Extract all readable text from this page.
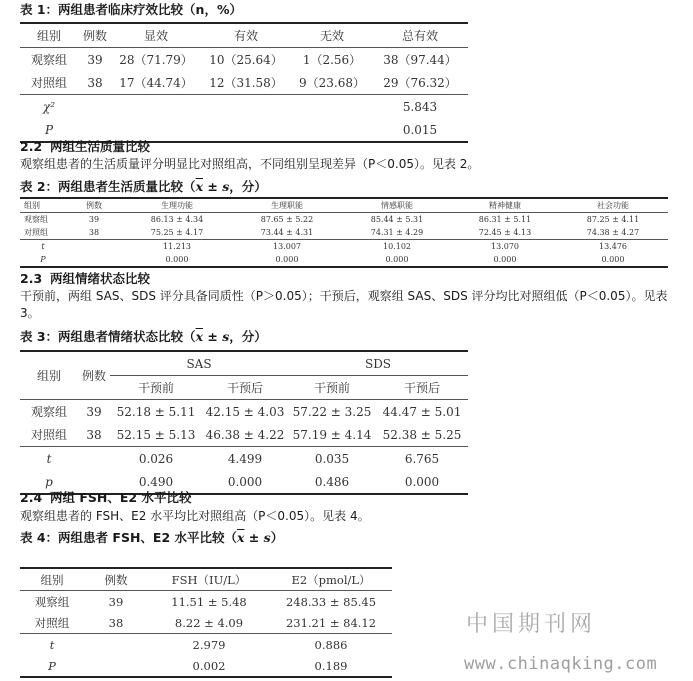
表 1：两组患者临床疗效比较（n，%）
组别	例数	显效	有效	无效	总有效
观察组	39	28（71.79）	10（25.64）	1（2.56）	38（97.44）
对照组	38	17（44.74）	12（31.58）	9（23.68）	29（76.32）
χ²					5.843
P					0.015
2.2 两组生活质量比较
观察组患者的生活质量评分明显比对照组高，不同组别呈现差异（P＜0.05）。见表 2。
表 2：两组患者生活质量比较（$\overline{x} \pm s$，分）
组别	例数	生理功能	生理职能	情感职能	精神健康	社会功能
观察组	39	86.13 ± 4.34	87.65 ± 5.22	85.44 ± 5.31	86.31 ± 5.11	87.25 ± 4.11
对照组	38	75.25 ± 4.17	73.44 ± 4.31	74.31 ± 4.29	72.45 ± 4.13	74.38 ± 4.27
t		11.213	13.007	10.102	13.070	13.476
P		0.000	0.000	0.000	0.000	0.000
2.3 两组情绪状态比较
干预前，两组 SAS、SDS 评分具备同质性（P＞0.05）；干预后，观察组 SAS、SDS 评分均比对照组低（P＜0.05）。见表 3。
表 3：两组患者情绪状态比较（$\overline{x} \pm s$，分）
组别	例数	SAS		SDS	
		干预前	干预后	干预前	干预后
观察组	39	52.18 ± 5.11	42.15 ± 4.03	57.22 ± 3.25	44.47 ± 5.01
对照组	38	52.15 ± 5.13	46.38 ± 4.22	57.19 ± 4.14	52.38 ± 5.25
t		0.026	4.499	0.035	6.765
p		0.490	0.000	0.486	0.000
2.4 两组 FSH、E2 水平比较
观察组患者的 FSH、E2 水平均比对照组高（P＜0.05）。见表 4。
表 4：两组患者 FSH、E2 水平比较$(\overline{x} \pm s)$
组别	例数	FSH（IU/L）	E2（pmol/L）
观察组	39	11.51 ± 5.48	248.33 ± 85.45
对照组	38	8.22 ± 4.09	231.21 ± 84.12
t		2.979	0.886
P		0.002	0.189
中国期刊网
www.chinaqking.com
